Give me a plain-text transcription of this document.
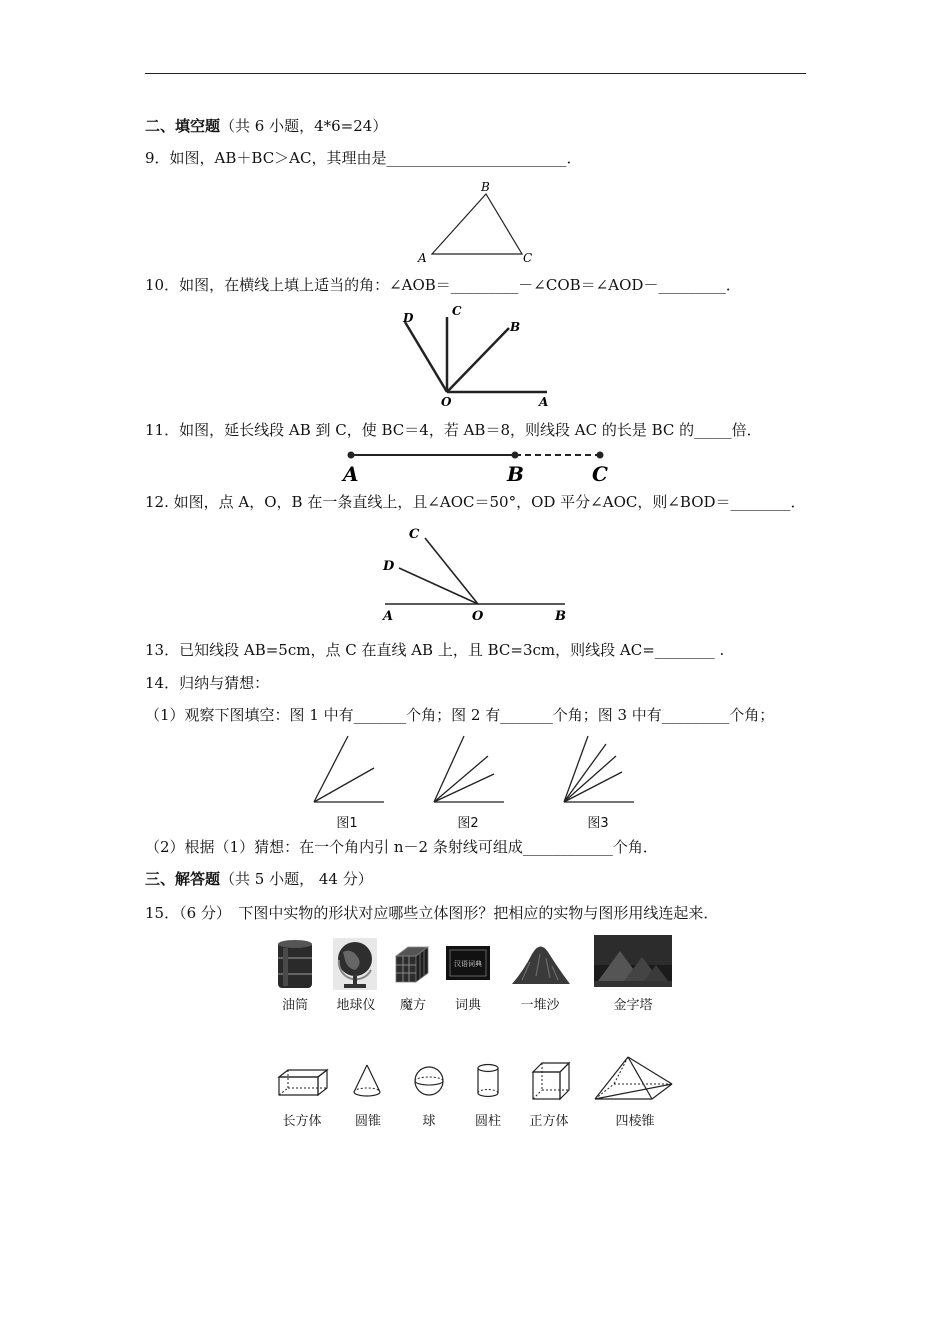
二、填空题（共 6 小题，4*6=24）
9．如图，AB＋BC＞AC，其理由是________________________．
A
B
C
10．如图，在横线上填上适当的角：∠AOB＝_________－∠COB＝∠AOD－_________．
D	C
B
O	A
11．如图，延长线段 AB 到 C，使 BC＝4，若 AB＝8，则线段 AC 的长是 BC 的_____倍．
A	B	C
12. 如图，点 A，O，B 在一条直线上，且∠AOC＝50°，OD 平分∠AOC，则∠BOD＝________．
C
D
A	O	B
13．已知线段 AB=5cm，点 C 在直线 AB 上，且 BC=3cm，则线段 AC=________ .
14．归纳与猜想：
（1）观察下图填空：图 1 中有_______个角；图 2 有_______个角；图 3 中有_________个角；
图1	图2	图3
（2）根据（1）猜想：在一个角内引 n－2 条射线可组成____________个角．
三、解答题（共 5 小题， 44 分）
15．（6 分）　下图中实物的形状对应哪些立体图形？把相应的实物与图形用线连起来．
油筒	地球仪	魔方
汉语词典
词典	一堆沙	金字塔
长方体	圆锥	球	圆柱	正方体	四棱锥
